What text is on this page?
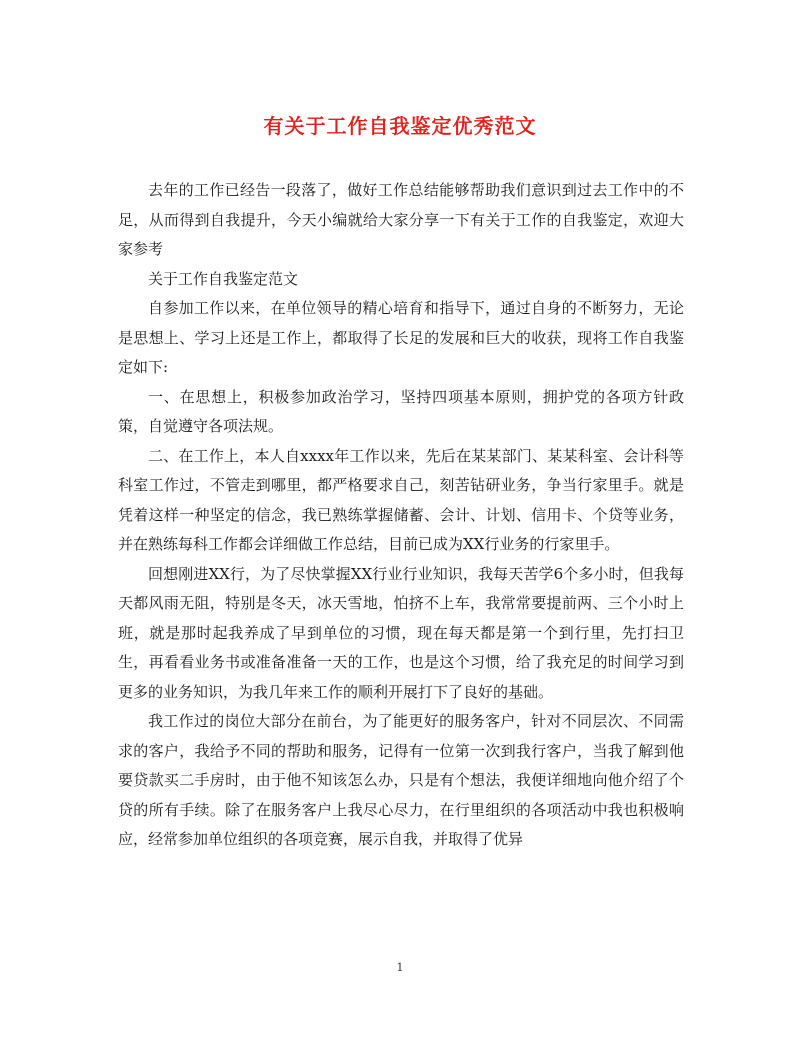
有关于工作自我鉴定优秀范文

去年的工作已经告一段落了，做好工作总结能够帮助我们意识到过去工作中的不足，从而得到自我提升，今天小编就给大家分享一下有关于工作的自我鉴定，欢迎大家参考

关于工作自我鉴定范文

自参加工作以来，在单位领导的精心培育和指导下，通过自身的不断努力，无论是思想上、学习上还是工作上，都取得了长足的发展和巨大的收获，现将工作自我鉴定如下:

一、在思想上，积极参加政治学习，坚持四项基本原则，拥护党的各项方针政策，自觉遵守各项法规。

二、在工作上，本人自xxxx年工作以来，先后在某某部门、某某科室、会计科等科室工作过，不管走到哪里，都严格要求自己，刻苦钻研业务，争当行家里手。就是凭着这样一种坚定的信念，我已熟练掌握储蓄、会计、计划、信用卡、个贷等业务，并在熟练每科工作都会详细做工作总结，目前已成为XX行业务的行家里手。

回想刚进XX行，为了尽快掌握XX行业行业知识，我每天苦学6个多小时，但我每天都风雨无阻，特别是冬天，冰天雪地，怕挤不上车，我常常要提前两、三个小时上班，就是那时起我养成了早到单位的习惯，现在每天都是第一个到行里，先打扫卫生，再看看业务书或准备准备一天的工作，也是这个习惯，给了我充足的时间学习到更多的业务知识，为我几年来工作的顺利开展打下了良好的基础。

我工作过的岗位大部分在前台，为了能更好的服务客户，针对不同层次、不同需求的客户，我给予不同的帮助和服务，记得有一位第一次到我行客户，当我了解到他要贷款买二手房时，由于他不知该怎么办，只是有个想法，我便详细地向他介绍了个贷的所有手续。除了在服务客户上我尽心尽力，在行里组织的各项活动中我也积极响应，经常参加单位组织的各项竞赛，展示自我，并取得了优异

1
